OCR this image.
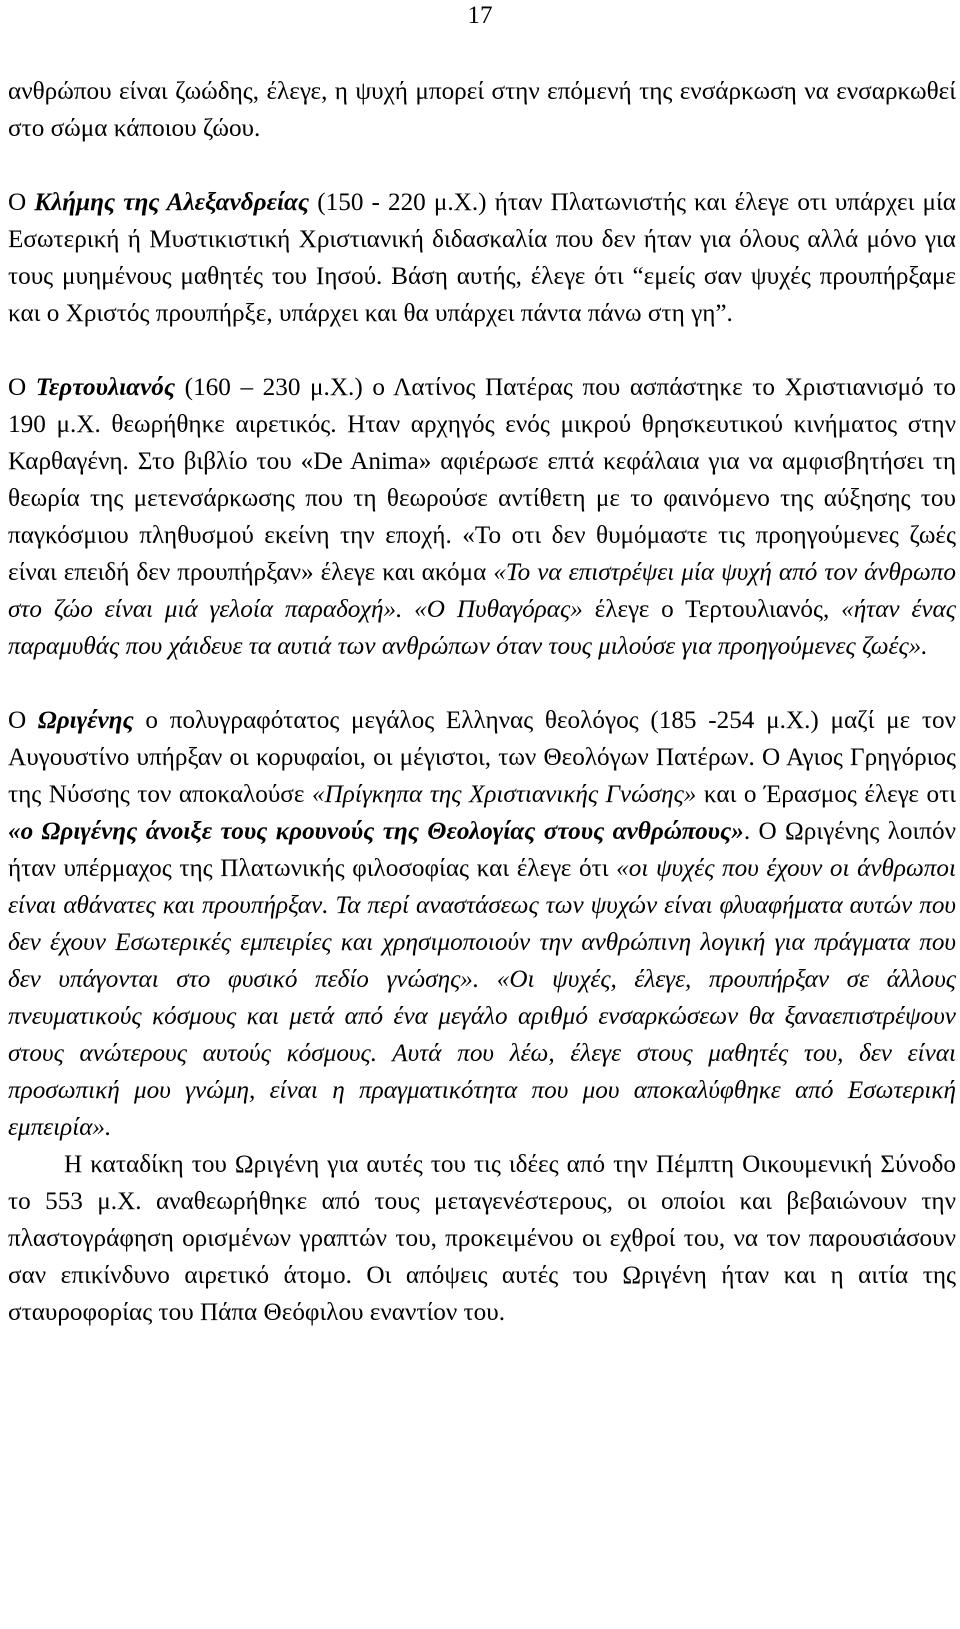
17

ανθρώπου είναι ζωώδης, έλεγε, η ψυχή μπορεί στην επόμενή της ενσάρκωση να ενσαρκωθεί στο σώμα κάποιου ζώου.

Ο Κλήμης της Αλεξανδρείας (150 - 220 μ.Χ.) ήταν Πλατωνιστής και έλεγε οτι υπάρχει μία Εσωτερική ή Μυστικιστική Χριστιανική διδασκαλία που δεν ήταν για όλους αλλά μόνο για τους μυημένους μαθητές του Ιησού. Βάση αυτής, έλεγε ότι “εμείς σαν ψυχές προυπήρξαμε και ο Χριστός προυπήρξε, υπάρχει και θα υπάρχει πάντα πάνω στη γη”.

Ο Τερτουλιανός (160 – 230 μ.Χ.) ο Λατίνος Πατέρας που ασπάστηκε το Χριστιανισμό το 190 μ.Χ. θεωρήθηκε αιρετικός. Ηταν αρχηγός ενός μικρού θρησκευτικού κινήματος στην Καρθαγένη. Στο βιβλίο του «De Anima» αφιέρωσε επτά κεφάλαια για να αμφισβητήσει τη θεωρία της μετενσάρκωσης που τη θεωρούσε αντίθετη με το φαινόμενο της αύξησης του παγκόσμιου πληθυσμού εκείνη την εποχή. «Το οτι δεν θυμόμαστε τις προηγούμενες ζωές είναι επειδή δεν προυπήρξαν» έλεγε και ακόμα «Το να επιστρέψει μία ψυχή από τον άνθρωπο στο ζώο είναι μιά γελοία παραδοχή». «Ο Πυθαγόρας» έλεγε ο Τερτουλιανός, «ήταν ένας παραμυθάς που χάιδευε τα αυτιά των ανθρώπων όταν τους μιλούσε για προηγούμενες ζωές».

Ο Ωριγένης ο πολυγραφότατος μεγάλος Ελληνας θεολόγος (185 -254 μ.Χ.) μαζί με τον Αυγουστίνο υπήρξαν οι κορυφαίοι, οι μέγιστοι, των Θεολόγων Πατέρων. Ο Αγιος Γρηγόριος της Νύσσης τον αποκαλούσε «Πρίγκηπα της Χριστιανικής Γνώσης» και ο Έρασμος έλεγε οτι «ο Ωριγένης άνοιξε τους κρουνούς της Θεολογίας στους ανθρώπους». Ο Ωριγένης λοιπόν ήταν υπέρμαχος της Πλατωνικής φιλοσοφίας και έλεγε ότι «οι ψυχές που έχουν οι άνθρωποι είναι αθάνατες και προυπήρξαν. Τα περί αναστάσεως των ψυχών είναι φλυαφήματα αυτών που δεν έχουν Εσωτερικές εμπειρίες και χρησιμοποιούν την ανθρώπινη λογική για πράγματα που δεν υπάγονται στο φυσικό πεδίο γνώσης». «Οι ψυχές, έλεγε, προυπήρξαν σε άλλους πνευματικούς κόσμους και μετά από ένα μεγάλο αριθμό ενσαρκώσεων θα ξαναεπιστρέψουν στους ανώτερους αυτούς κόσμους. Αυτά που λέω, έλεγε στους μαθητές του, δεν είναι προσωπική μου γνώμη, είναι η πραγματικότητα που μου αποκαλύφθηκε από Εσωτερική εμπειρία».

Η καταδίκη του Ωριγένη για αυτές του τις ιδέες από την Πέμπτη Οικουμενική Σύνοδο το 553 μ.Χ. αναθεωρήθηκε από τους μεταγενέστερους, οι οποίοι και βεβαιώνουν την πλαστογράφηση ορισμένων γραπτών του, προκειμένου οι εχθροί του, να τον παρουσιάσουν σαν επικίνδυνο αιρετικό άτομο. Οι απόψεις αυτές του Ωριγένη ήταν και η αιτία της σταυροφορίας του Πάπα Θεόφιλου εναντίον του.
